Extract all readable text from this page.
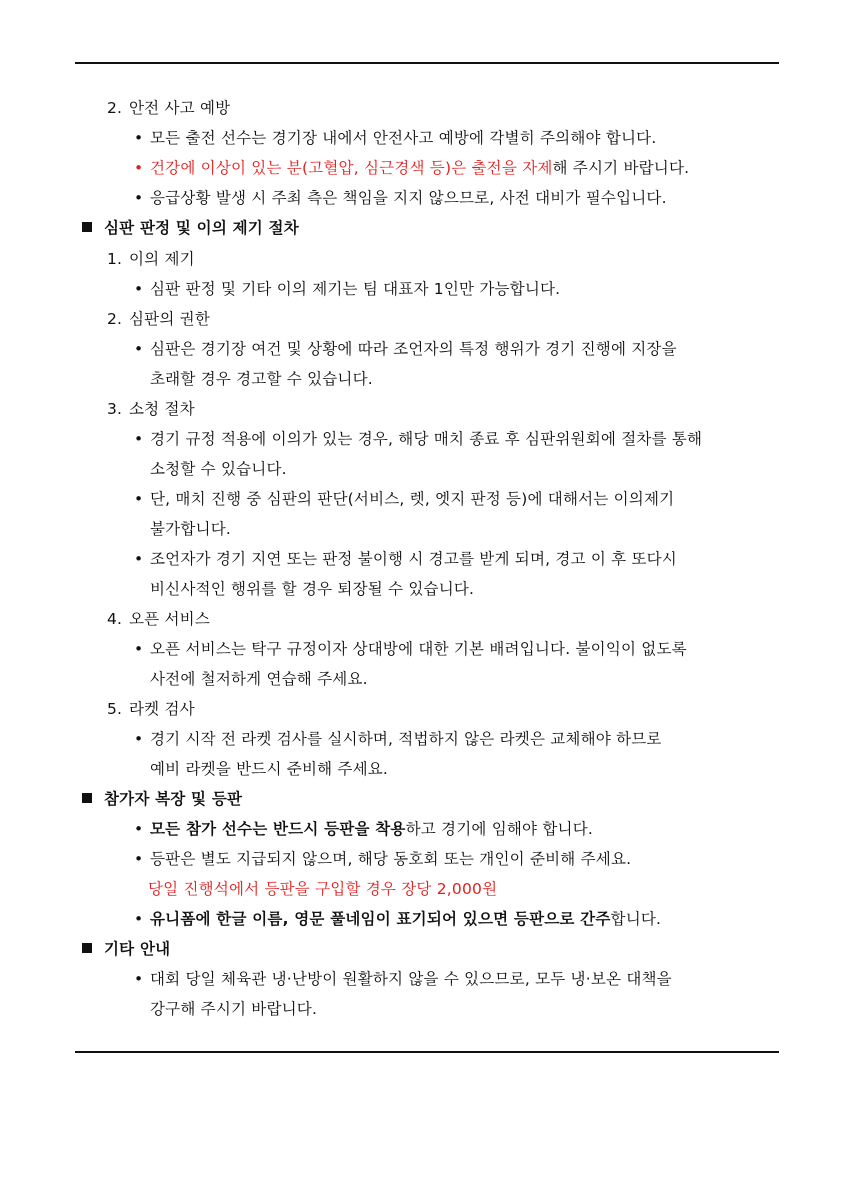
2. 안전 사고 예방
• 모든 출전 선수는 경기장 내에서 안전사고 예방에 각별히 주의해야 합니다.
• 건강에 이상이 있는 분(고혈압, 심근경색 등)은 출전을 자제해 주시기 바랍니다.
• 응급상황 발생 시 주최 측은 책임을 지지 않으므로, 사전 대비가 필수입니다.
심판 판정 및 이의 제기 절차
1. 이의 제기
• 심판 판정 및 기타 이의 제기는 팀 대표자 1인만 가능합니다.
2. 심판의 권한
• 심판은 경기장 여건 및 상황에 따라 조언자의 특정 행위가 경기 진행에 지장을
초래할 경우 경고할 수 있습니다.
3. 소청 절차
• 경기 규정 적용에 이의가 있는 경우, 해당 매치 종료 후 심판위원회에 절차를 통해
소청할 수 있습니다.
• 단, 매치 진행 중 심판의 판단(서비스, 렛, 엣지 판정 등)에 대해서는 이의제기
불가합니다.
• 조언자가 경기 지연 또는 판정 불이행 시 경고를 받게 되며, 경고 이 후 또다시
비신사적인 행위를 할 경우 퇴장될 수 있습니다.
4. 오픈 서비스
• 오픈 서비스는 탁구 규정이자 상대방에 대한 기본 배려입니다. 불이익이 없도록
사전에 철저하게 연습해 주세요.
5. 라켓 검사
• 경기 시작 전 라켓 검사를 실시하며, 적법하지 않은 라켓은 교체해야 하므로
예비 라켓을 반드시 준비해 주세요.
참가자 복장 및 등판
• 모든 참가 선수는 반드시 등판을 착용하고 경기에 임해야 합니다.
• 등판은 별도 지급되지 않으며, 해당 동호회 또는 개인이 준비해 주세요.
당일 진행석에서 등판을 구입할 경우 장당 2,000원
• 유니폼에 한글 이름, 영문 풀네임이 표기되어 있으면 등판으로 간주합니다.
기타 안내
• 대회 당일 체육관 냉·난방이 원활하지 않을 수 있으므로, 모두 냉·보온 대책을
강구해 주시기 바랍니다.
